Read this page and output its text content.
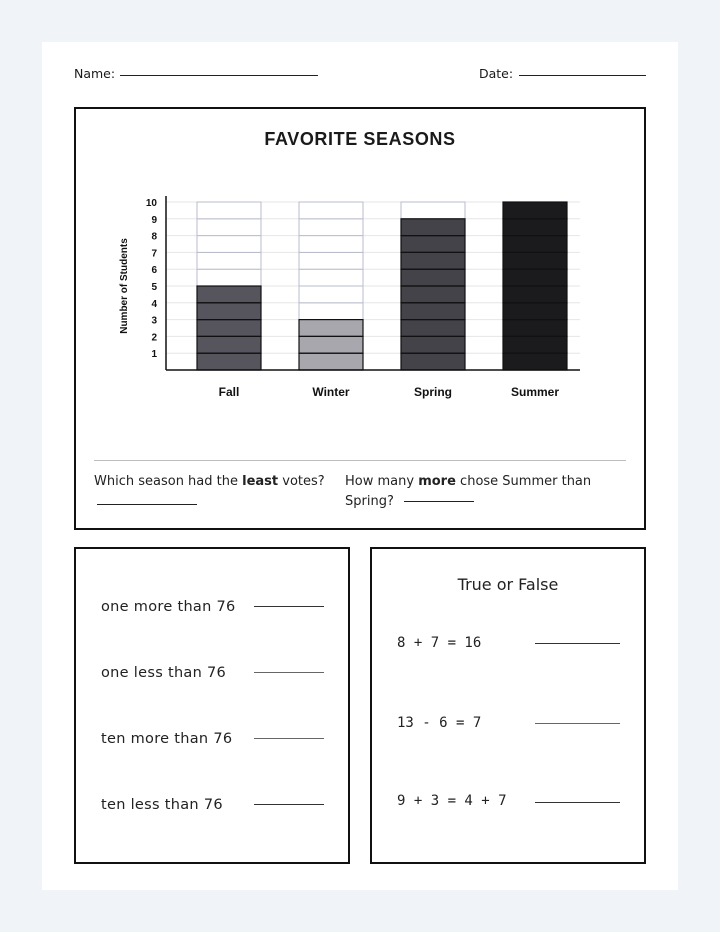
Name:	Date:
FAVORITE SEASONS
Fall	Winter	Spring	Summer
1
2
3
4
5
6
7
8
9
10
Number of Students
Which season had the least votes?	How many more chose Summer than Spring?
one more than 76
one less than 76
ten more than 76
ten less than 76
True or False
8 + 7 = 16
13 - 6 = 7
9 + 3 = 4 + 7
